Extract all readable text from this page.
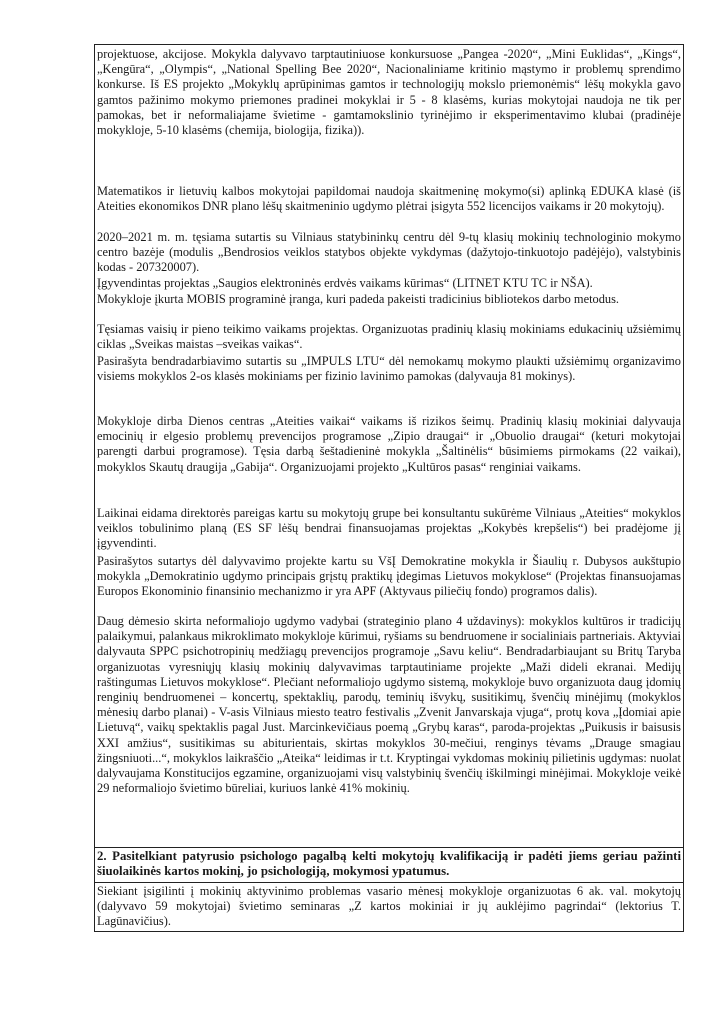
projektuose, akcijose. Mokykla dalyvavo tarptautiniuose konkursuose „Pangea -2020“, „Mini Euklidas“, „Kings“, „Kengūra“, „Olympis“, „National Spelling Bee 2020“, Nacionaliniame kritinio mąstymo ir problemų sprendimo konkurse. Iš ES projekto „Mokyklų aprūpinimas gamtos ir technologijų mokslo priemonėmis“ lėšų mokykla gavo gamtos pažinimo mokymo priemones pradinei mokyklai ir 5 - 8 klasėms, kurias mokytojai naudoja ne tik per pamokas, bet ir neformaliajame švietime - gamtamokslinio tyrinėjimo ir eksperimentavimo klubai (pradinėje mokykloje, 5-10 klasėms (chemija, biologija, fizika)).

Matematikos ir lietuvių kalbos mokytojai papildomai naudoja skaitmeninę mokymo(si) aplinką EDUKA klasė (iš Ateities ekonomikos DNR plano lėšų skaitmeninio ugdymo plėtrai įsigyta 552 licencijos vaikams ir 20 mokytojų).

2020–2021 m. m. tęsiama sutartis su Vilniaus statybininkų centru dėl 9-tų klasių mokinių technologinio mokymo centro bazėje (modulis „Bendrosios veiklos statybos objekte vykdymas (dažytojo-tinkuotojo padėjėjo), valstybinis kodas - 207320007).

Įgyvendintas projektas „Saugios elektroninės erdvės vaikams kūrimas“ (LITNET KTU TC ir NŠA).

Mokykloje įkurta MOBIS programinė įranga, kuri padeda pakeisti tradicinius bibliotekos darbo metodus.

Tęsiamas vaisių ir pieno teikimo vaikams projektas. Organizuotas pradinių klasių mokiniams edukacinių užsiėmimų ciklas „Sveikas maistas –sveikas vaikas“.

Pasirašyta bendradarbiavimo sutartis su „IMPULS LTU“ dėl nemokamų mokymo plaukti užsiėmimų organizavimo visiems mokyklos 2-os klasės mokiniams per fizinio lavinimo pamokas (dalyvauja 81 mokinys).

Mokykloje dirba Dienos centras „Ateities vaikai“ vaikams iš rizikos šeimų. Pradinių klasių mokiniai dalyvauja emocinių ir elgesio problemų prevencijos programose „Zipio draugai“ ir „Obuolio draugai“ (keturi mokytojai parengti darbui programose). Tęsia darbą šeštadieninė mokykla „Šaltinėlis“ būsimiems pirmokams (22 vaikai), mokyklos Skautų draugija „Gabija“. Organizuojami projekto „Kultūros pasas“ renginiai vaikams.

Laikinai eidama direktorės pareigas kartu su mokytojų grupe bei konsultantu sukūrėme Vilniaus „Ateities“ mokyklos veiklos tobulinimo planą (ES SF lėšų bendrai finansuojamas projektas „Kokybės krepšelis“) bei pradėjome jį įgyvendinti.

Pasirašytos sutartys dėl dalyvavimo projekte kartu su VšĮ Demokratine mokykla ir Šiaulių r. Dubysos aukštupio mokykla „Demokratinio ugdymo principais grįstų praktikų įdegimas Lietuvos mokyklose“ (Projektas finansuojamas Europos Ekonominio finansinio mechanizmo ir yra APF (Aktyvaus piliečių fondo) programos dalis).

Daug dėmesio skirta neformaliojo ugdymo vadybai (strateginio plano 4 uždavinys): mokyklos kultūros ir tradicijų palaikymui, palankaus mikroklimato mokykloje kūrimui, ryšiams su bendruomene ir socialiniais partneriais. Aktyviai dalyvauta SPPC psichotropinių medžiagų prevencijos programoje „Savu keliu“. Bendradarbiaujant su Britų Taryba organizuotas vyresniųjų klasių mokinių dalyvavimas tarptautiniame projekte „Maži dideli ekranai. Medijų raštingumas Lietuvos mokyklose“. Plečiant neformaliojo ugdymo sistemą, mokykloje buvo organizuota daug įdomių renginių bendruomenei – koncertų, spektaklių, parodų, teminių išvykų, susitikimų, švenčių minėjimų (mokyklos mėnesių darbo planai) - V-asis Vilniaus miesto teatro festivalis „Zvenit Janvarskaja vjuga“, protų kova „Įdomiai apie Lietuvą“, vaikų spektaklis pagal Just. Marcinkevičiaus poemą „Grybų karas“, paroda-projektas „Puikusis ir baisusis XXI amžius“, susitikimas su abiturientais, skirtas mokyklos 30-mečiui, renginys tėvams „Drauge smagiau žingsniuoti...“, mokyklos laikraščio „Ateika“ leidimas ir t.t. Kryptingai vykdomas mokinių pilietinis ugdymas: nuolat dalyvaujama Konstitucijos egzamine, organizuojami visų valstybinių švenčių iškilmingi minėjimai. Mokykloje veikė 29 neformaliojo švietimo būreliai, kuriuos lankė 41% mokinių.

2. Pasitelkiant patyrusio psichologo pagalbą kelti mokytojų kvalifikaciją ir padėti jiems geriau pažinti šiuolaikinės kartos mokinį, jo psichologiją, mokymosi ypatumus.

Siekiant įsigilinti į mokinių aktyvinimo problemas vasario mėnesį mokykloje organizuotas 6 ak. val. mokytojų (dalyvavo 59 mokytojai) švietimo seminaras „Z kartos mokiniai ir jų auklėjimo pagrindai“ (lektorius T. Lagūnavičius).
